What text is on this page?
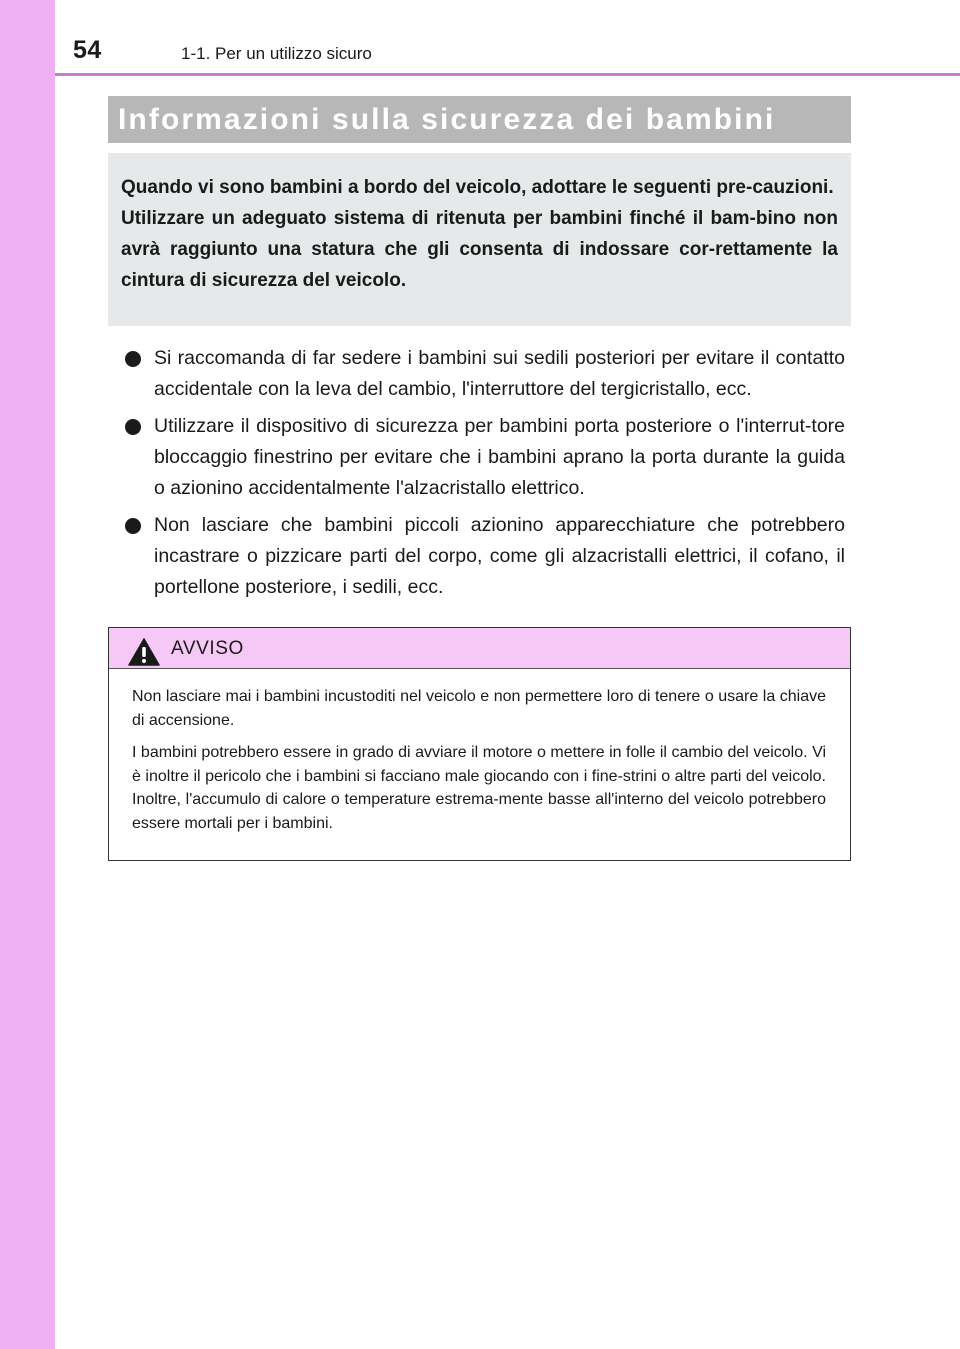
54	1-1. Per un utilizzo sicuro
Informazioni sulla sicurezza dei bambini

Quando vi sono bambini a bordo del veicolo, adottare le seguenti pre-cauzioni.

Utilizzare un adeguato sistema di ritenuta per bambini finché il bam-bino non avrà raggiunto una statura che gli consenta di indossare cor-rettamente la cintura di sicurezza del veicolo.

Si raccomanda di far sedere i bambini sui sedili posteriori per evitare il contatto accidentale con la leva del cambio, l'interruttore del tergicristallo, ecc.
Utilizzare il dispositivo di sicurezza per bambini porta posteriore o l'interrut-tore bloccaggio finestrino per evitare che i bambini aprano la porta durante la guida o azionino accidentalmente l'alzacristallo elettrico.
Non lasciare che bambini piccoli azionino apparecchiature che potrebbero incastrare o pizzicare parti del corpo, come gli alzacristalli elettrici, il cofano, il portellone posteriore, i sedili, ecc.
AVVISO

Non lasciare mai i bambini incustoditi nel veicolo e non permettere loro di tenere o usare la chiave di accensione.

I bambini potrebbero essere in grado di avviare il motore o mettere in folle il cambio del veicolo. Vi è inoltre il pericolo che i bambini si facciano male giocando con i fine-strini o altre parti del veicolo. Inoltre, l'accumulo di calore o temperature estrema-mente basse all'interno del veicolo potrebbero essere mortali per i bambini.
